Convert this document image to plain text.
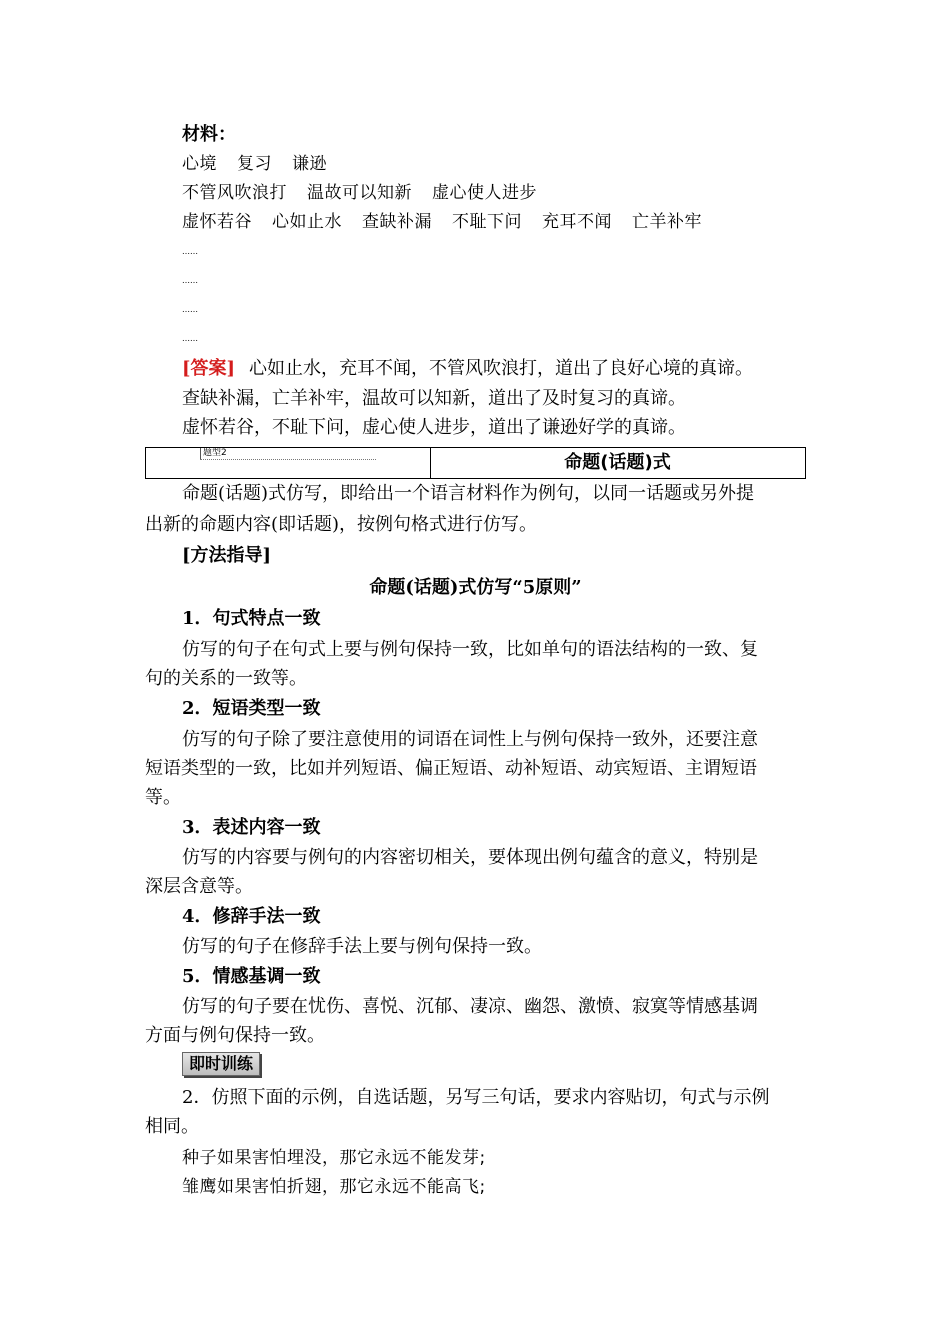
材料：
心境 复习 谦逊
不管风吹浪打 温故可以知新 虚心使人进步
虚怀若谷 心如止水 查缺补漏 不耻下问 充耳不闻 亡羊补牢
……
……
……
……
[答案] 心如止水，充耳不闻，不管风吹浪打，道出了良好心境的真谛。
查缺补漏，亡羊补牢，温故可以知新，道出了及时复习的真谛。
虚怀若谷，不耻下问，虚心使人进步，道出了谦逊好学的真谛。
题型2	命题(话题)式
命题(话题)式仿写，即给出一个语言材料作为例句，以同一话题或另外提
出新的命题内容(即话题)，按例句格式进行仿写。
[方法指导]
命题(话题)式仿写“5原则”
1．句式特点一致
仿写的句子在句式上要与例句保持一致，比如单句的语法结构的一致、复
句的关系的一致等。
2．短语类型一致
仿写的句子除了要注意使用的词语在词性上与例句保持一致外，还要注意
短语类型的一致，比如并列短语、偏正短语、动补短语、动宾短语、主谓短语
等。
3．表述内容一致
仿写的内容要与例句的内容密切相关，要体现出例句蕴含的意义，特别是
深层含意等。
4．修辞手法一致
仿写的句子在修辞手法上要与例句保持一致。
5．情感基调一致
仿写的句子要在忧伤、喜悦、沉郁、凄凉、幽怨、激愤、寂寞等情感基调
方面与例句保持一致。
即时训练
2．仿照下面的示例，自选话题，另写三句话，要求内容贴切，句式与示例
相同。
种子如果害怕埋没，那它永远不能发芽;
雏鹰如果害怕折翅，那它永远不能高飞;
